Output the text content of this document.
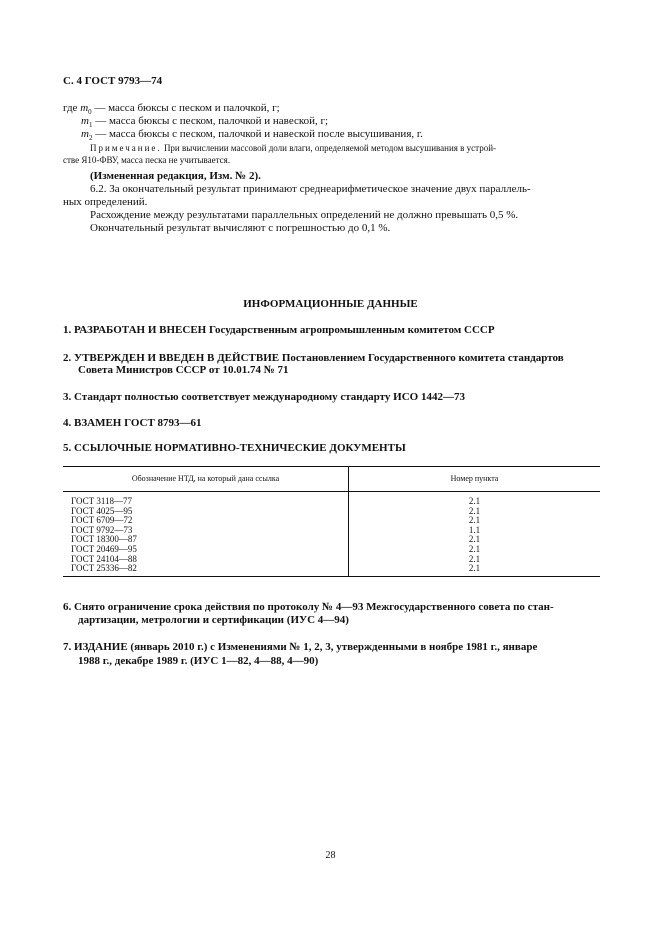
С. 4 ГОСТ 9793—74
где $m_0$ — масса бюксы с песком и палочкой, г;
$m_1$ — масса бюксы с песком, палочкой и навеской, г;
$m_2$ — масса бюксы с песком, палочкой и навеской после высушивания, г.
Примечание. При вычислении массовой доли влаги, определяемой методом высушивания в устрой-
стве Я10-ФВУ, масса песка не учитывается.
(Измененная редакция, Изм. № 2).
6.2. За окончательный результат принимают среднеарифметическое значение двух параллель-
ных определений.
Расхождение между результатами параллельных определений не должно превышать 0,5 %.
Окончательный результат вычисляют с погрешностью до 0,1 %.
ИНФОРМАЦИОННЫЕ ДАННЫЕ
1. РАЗРАБОТАН И ВНЕСЕН Государственным агропромышленным комитетом СССР
2. УТВЕРЖДЕН И ВВЕДЕН В ДЕЙСТВИЕ Постановлением Государственного комитета стандартов
Совета Министров СССР от 10.01.74 № 71
3. Стандарт полностью соответствует международному стандарту ИСО 1442—73
4. ВЗАМЕН ГОСТ 8793—61
5. ССЫЛОЧНЫЕ НОРМАТИВНО-ТЕХНИЧЕСКИЕ ДОКУМЕНТЫ
Обозначение НТД, на который дана ссылка	Номер пункта
ГОСТ 3118—77	2.1
ГОСТ 4025—95	2.1
ГОСТ 6709—72	2.1
ГОСТ 9792—73	1.1
ГОСТ 18300—87	2.1
ГОСТ 20469—95	2.1
ГОСТ 24104—88	2.1
ГОСТ 25336—82	2.1
6. Снято ограничение срока действия по протоколу № 4—93 Межгосударственного совета по стан-
дартизации, метрологии и сертификации (ИУС 4—94)
7. ИЗДАНИЕ (январь 2010 г.) с Изменениями № 1, 2, 3, утвержденными в ноябре 1981 г., январе
1988 г., декабре 1989 г. (ИУС 1—82, 4—88, 4—90)
28
